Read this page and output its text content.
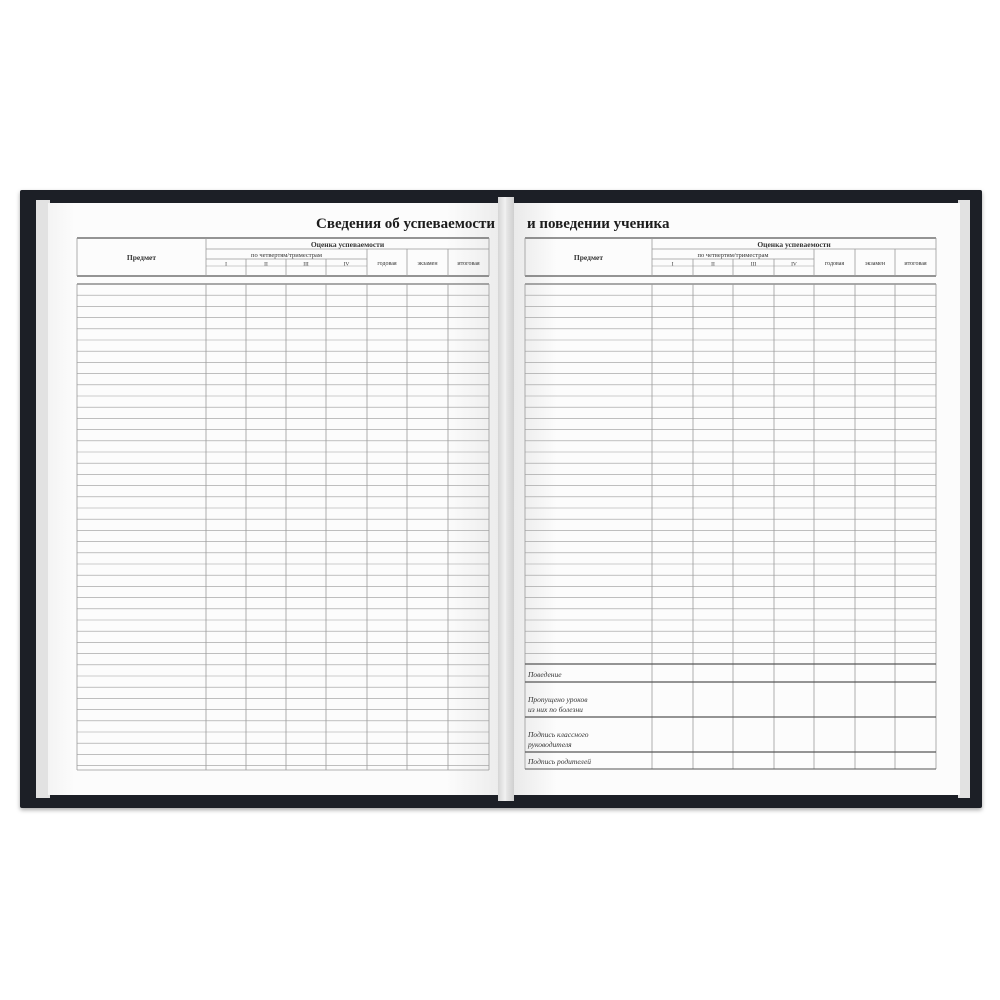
Сведения об успеваемости и поведении ученика
Предмет
Оценка успеваемости
по четвертям/триместрам
I	II	III	IV	годовая	экзамен	итоговая
Предмет
Оценка успеваемости
по четвертям/триместрам
I	II	III	IV	годовая	экзамен	итоговая
Поведение
Пропущено уроков
из них по болезни
Подпись классного
руководителя
Подпись родителей
